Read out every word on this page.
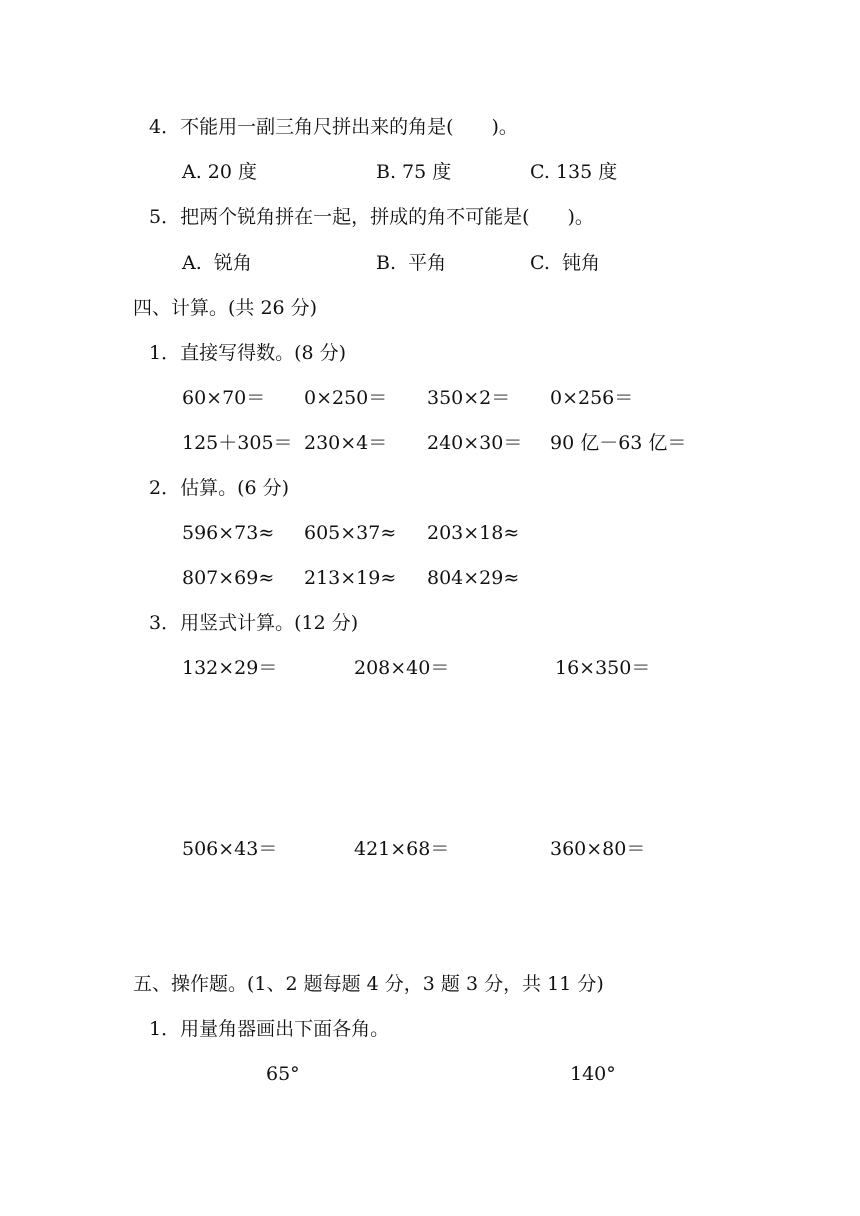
4．不能用一副三角尺拼出来的角是(　　)。
A. 20 度	B. 75 度	C. 135 度
5．把两个锐角拼在一起，拼成的角不可能是(　　)。
A.  锐角	B.  平角	C.  钝角
四、计算。(共 26 分)
1．直接写得数。(8 分)
60×70＝ 0×250＝ 350×2＝ 0×256＝
125＋305＝ 230×4＝ 240×30＝ 90 亿－63 亿＝
2．估算。(6 分)
596×73≈ 605×37≈ 203×18≈
807×69≈ 213×19≈ 804×29≈
3．用竖式计算。(12 分)
132×29＝	208×40＝	16×350＝
506×43＝	421×68＝	360×80＝
五、操作题。(1、2 题每题 4 分，3 题 3 分，共 11 分)
1．用量角器画出下面各角。
65°	140°
